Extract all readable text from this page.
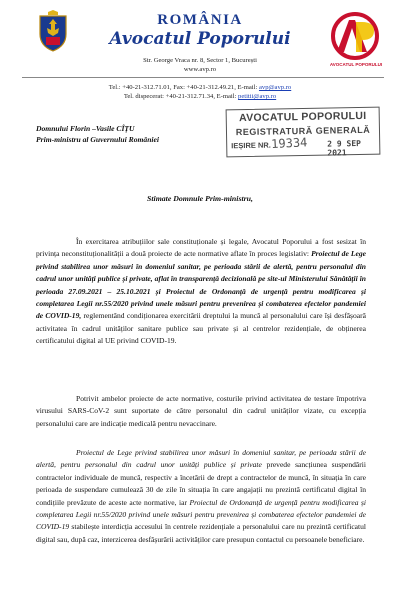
ROMÂNIA
Avocatul Poporului
Str. George Vraca nr. 8, Sector 1, București
www.avp.ro
AVOCATUL POPORULUI
Tel.: +40-21-312.71.01, Fax: +40-21-312.49.21, E-mail: avp@avp.ro
Tel. dispecerat: +40-21-312.71.34, E-mail: petitii@avp.ro
Domnului Florin –Vasile CÎȚU
Prim-ministru al Guvernului României
AVOCATUL POPORULUI
REGISTRATURĂ GENERALĂ
IEȘIRE NR. 19334 2 9 SEP 2021
Stimate Domnule Prim-ministru,
În exercitarea atribuțiilor sale constituționale și legale, Avocatul Poporului a fost sesizat în privința neconstituționalității a două proiecte de acte normative aflate în proces legislativ: Proiectul de Lege privind stabilirea unor măsuri în domeniul sanitar, pe perioada stării de alertă, pentru personalul din cadrul unor unități publice și private, aflat în transparență decizională pe site-ul Ministerului Sănătății în perioada 27.09.2021 – 25.10.2021 și Proiectul de Ordonanță de urgență pentru modificarea și completarea Legii nr.55/2020 privind unele măsuri pentru prevenirea și combaterea efectelor pandemiei de COVID-19, reglementând condiționarea exercitării dreptului la muncă al personalului care își desfășoară activitatea în cadrul unităților sanitare publice sau private și al centrelor rezidențiale, de obținerea certificatului digital al UE privind COVID-19.
Potrivit ambelor proiecte de acte normative, costurile privind activitatea de testare împotriva virusului SARS-CoV-2 sunt suportate de către personalul din cadrul unităților vizate, cu excepția personalului care are indicație medicală pentru nevaccinare.
Proiectul de Lege privind stabilirea unor măsuri în domeniul sanitar, pe perioada stării de alertă, pentru personalul din cadrul unor unități publice și private prevede sancțiunea suspendării contractelor individuale de muncă, respectiv a încetării de drept a contractelor de muncă, în situația în care perioada de suspendare cumulează 30 de zile în situația în care angajații nu prezintă certificatul digital în condițiile prevăzute de aceste acte normative, iar Proiectul de Ordonanță de urgență pentru modificarea și completarea Legii nr.55/2020 privind unele măsuri pentru prevenirea și combaterea efectelor pandemiei de COVID-19 stabilește interdicția accesului în centrele rezidențiale a personalului care nu prezintă certificatul digital sau, după caz, interzicerea desfășurării activităților care presupun contactul cu persoanele beneficiare.
